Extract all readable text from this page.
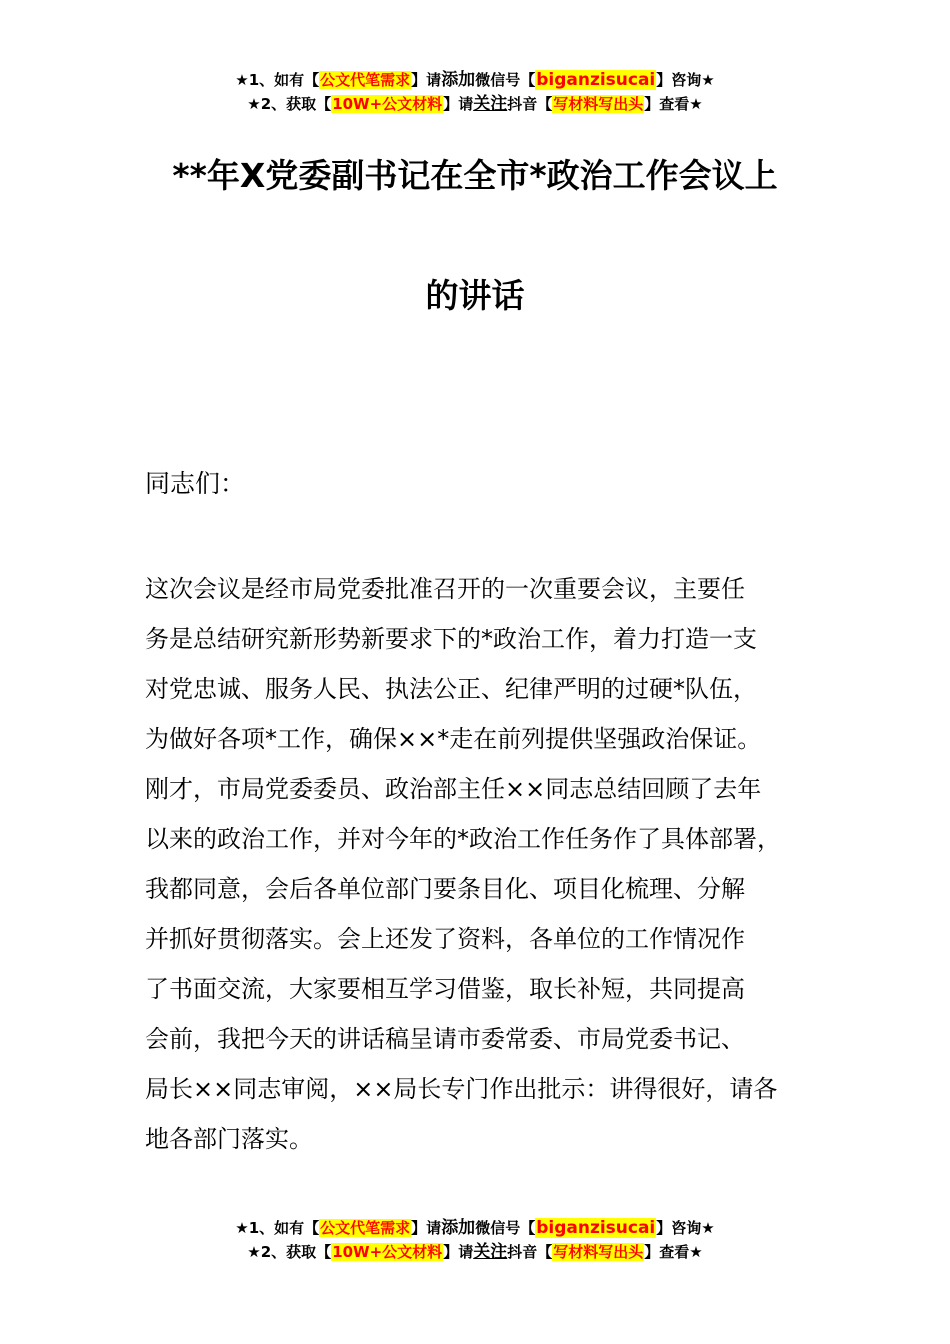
★1、如有【公文代笔需求】请添加微信号【biganzisucai】咨询★
★2、获取【10W+公文材料】请关注抖音【写材料写出头】查看★
**年X党委副书记在全市*政治工作会议上
的讲话
同志们：

这次会议是经市局党委批准召开的一次重要会议，主要任
务是总结研究新形势新要求下的*政治工作，着力打造一支
对党忠诚、服务人民、执法公正、纪律严明的过硬*队伍，
为做好各项*工作，确保××*走在前列提供坚强政治保证。
刚才，市局党委委员、政治部主任××同志总结回顾了去年
以来的政治工作，并对今年的*政治工作任务作了具体部署，
我都同意，会后各单位部门要条目化、项目化梳理、分解
并抓好贯彻落实。会上还发了资料，各单位的工作情况作
了书面交流，大家要相互学习借鉴，取长补短，共同提高
会前，我把今天的讲话稿呈请市委常委、市局党委书记、
局长××同志审阅，××局长专门作出批示：讲得很好，请各
地各部门落实。

★1、如有【公文代笔需求】请添加微信号【biganzisucai】咨询★
★2、获取【10W+公文材料】请关注抖音【写材料写出头】查看★
